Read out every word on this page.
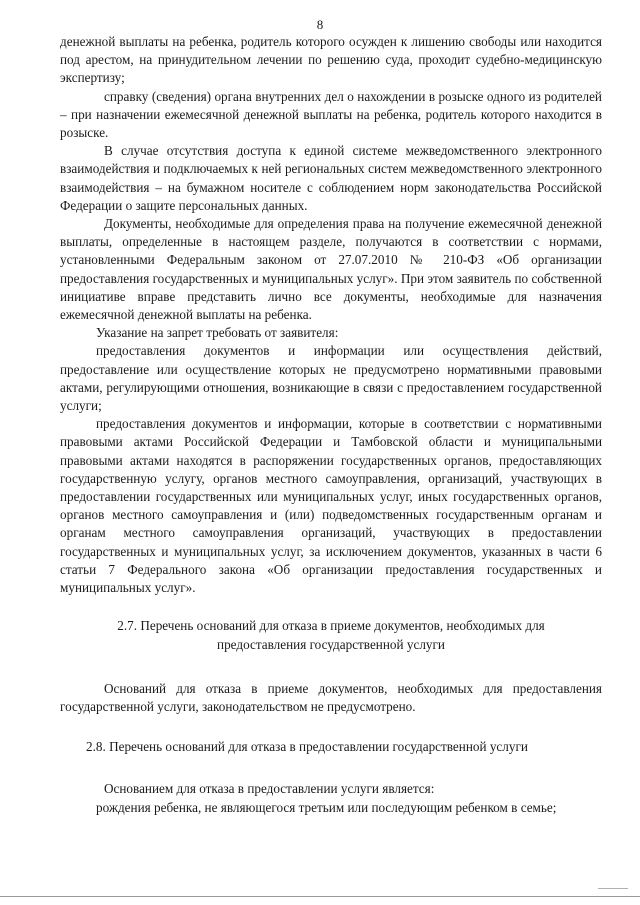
8

денежной выплаты на ребенка, родитель которого осужден к лишению свободы или находится под арестом, на принудительном лечении по решению суда, проходит судебно-медицинскую экспертизу;

справку (сведения) органа внутренних дел о нахождении в розыске одного из родителей – при назначении ежемесячной денежной выплаты на ребенка, родитель которого находится в розыске.

В случае отсутствия доступа к единой системе межведомственного электронного взаимодействия и подключаемых к ней региональных систем межведомственного электронного взаимодействия – на бумажном носителе с соблюдением норм законодательства Российской Федерации о защите персональных данных.

Документы, необходимые для определения права на получение ежемесячной денежной выплаты, определенные в настоящем разделе, получаются в соответствии с нормами, установленными Федеральным законом от 27.07.2010 № 210-ФЗ «Об организации предоставления государственных и муниципальных услуг». При этом заявитель по собственной инициативе вправе представить лично все документы, необходимые для назначения ежемесячной денежной выплаты на ребенка.

Указание на запрет требовать от заявителя:

предоставления документов и информации или осуществления действий, предоставление или осуществление которых не предусмотрено нормативными правовыми актами, регулирующими отношения, возникающие в связи с предоставлением государственной услуги;

предоставления документов и информации, которые в соответствии с нормативными правовыми актами Российской Федерации и Тамбовской области и муниципальными правовыми актами находятся в распоряжении государственных органов, предоставляющих государственную услугу, органов местного самоуправления, организаций, участвующих в предоставлении государственных или муниципальных услуг, иных государственных органов, органов местного самоуправления и (или) подведомственных государственным органам и органам местного самоуправления организаций, участвующих в предоставлении государственных и муниципальных услуг, за исключением документов, указанных в части 6 статьи 7 Федерального закона «Об организации предоставления государственных и муниципальных услуг».

2.7. Перечень оснований для отказа в приеме документов, необходимых для

предоставления государственной услуги

Оснований для отказа в приеме документов, необходимых для предоставления государственной услуги, законодательством не предусмотрено.

2.8. Перечень оснований для отказа в предоставлении государственной услуги

Основанием для отказа в предоставлении услуги является:

рождения ребенка, не являющегося третьим или последующим ребенком в семье;
